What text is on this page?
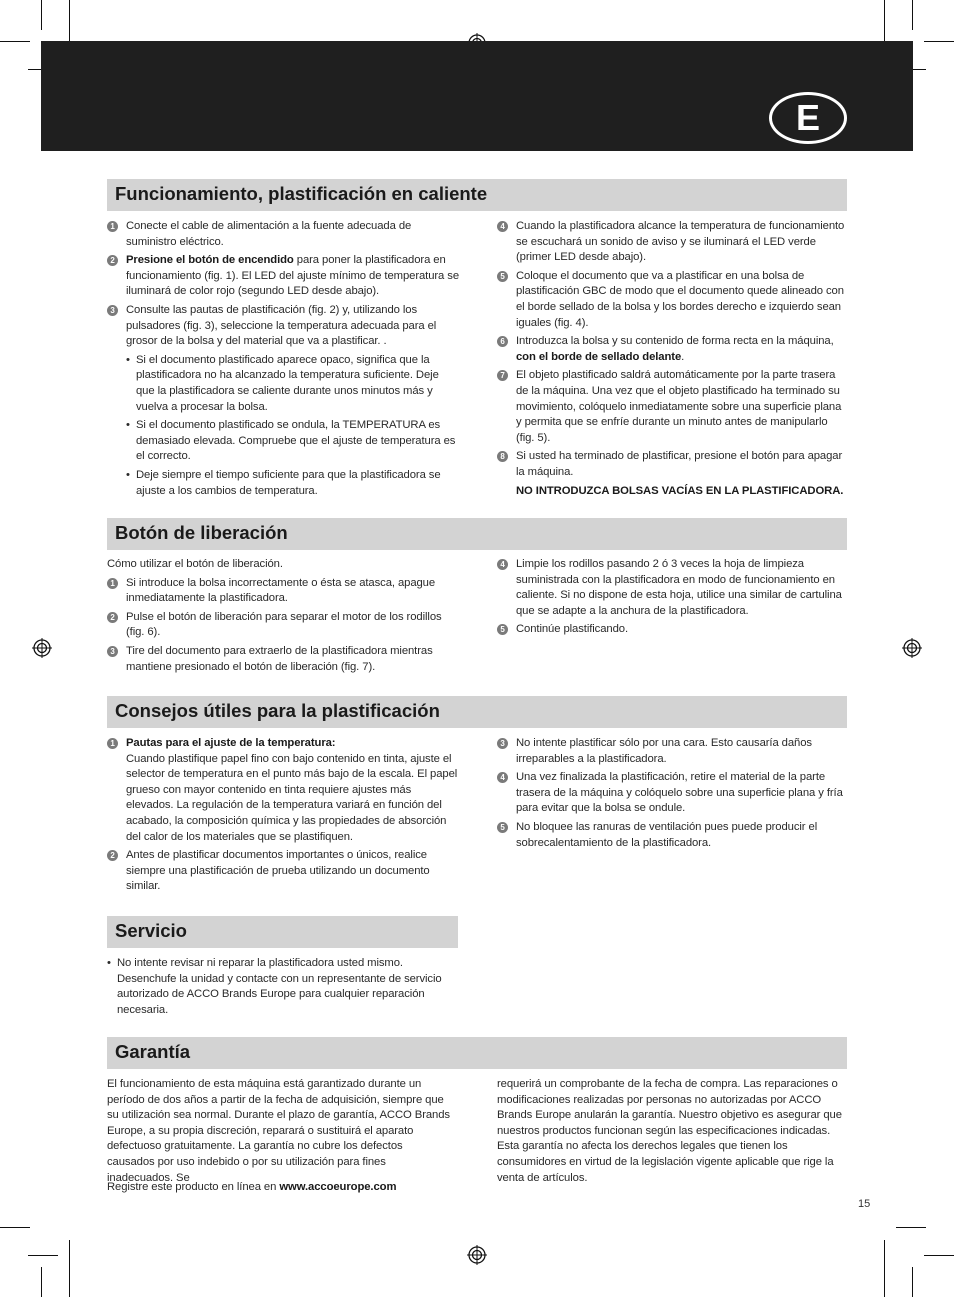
E
Funcionamiento, plastificación en caliente
1 Conecte el cable de alimentación a la fuente adecuada de suministro eléctrico.
2 Presione el botón de encendido para poner la plastificadora en funcionamiento (fig. 1). El LED del ajuste mínimo de temperatura se iluminará de color rojo (segundo LED desde abajo).
3 Consulte las pautas de plastificación (fig. 2) y, utilizando los pulsadores (fig. 3), seleccione la temperatura adecuada para el grosor de la bolsa y del material que va a plastificar. .
• Si el documento plastificado aparece opaco, significa que la plastificadora no ha alcanzado la temperatura suficiente. Deje que la plastificadora se caliente durante unos minutos más y vuelva a procesar la bolsa.
• Si el documento plastificado se ondula, la TEMPERATURA es demasiado elevada. Compruebe que el ajuste de temperatura es el correcto.
• Deje siempre el tiempo suficiente para que la plastificadora se ajuste a los cambios de temperatura.
4 Cuando la plastificadora alcance la temperatura de funcionamiento se escuchará un sonido de aviso y se iluminará el LED verde (primer LED desde abajo).
5 Coloque el documento que va a plastificar en una bolsa de plastificación GBC de modo que el documento quede alineado con el borde sellado de la bolsa y los bordes derecho e izquierdo sean iguales (fig. 4).
6 Introduzca la bolsa y su contenido de forma recta en la máquina, con el borde de sellado delante.
7 El objeto plastificado saldrá automáticamente por la parte trasera de la máquina. Una vez que el objeto plastificado ha terminado su movimiento, colóquelo inmediatamente sobre una superficie plana y permita que se enfríe durante un minuto antes de manipularlo (fig. 5).
8 Si usted ha terminado de plastificar, presione el botón para apagar la máquina.
NO INTRODUZCA BOLSAS VACÍAS EN LA PLASTIFICADORA.
Botón de liberación

Cómo utilizar el botón de liberación.

1 Si introduce la bolsa incorrectamente o ésta se atasca, apague inmediatamente la plastificadora.
2 Pulse el botón de liberación para separar el motor de los rodillos (fig. 6).
3 Tire del documento para extraerlo de la plastificadora mientras mantiene presionado el botón de liberación (fig. 7).
4 Limpie los rodillos pasando 2 ó 3 veces la hoja de limpieza suministrada con la plastificadora en modo de funcionamiento en caliente. Si no dispone de esta hoja, utilice una similar de cartulina que se adapte a la anchura de la plastificadora.
5 Continúe plastificando.
Consejos útiles para la plastificación
1 Pautas para el ajuste de la temperatura:
Cuando plastifique papel fino con bajo contenido en tinta, ajuste el selector de temperatura en el punto más bajo de la escala. El papel grueso con mayor contenido en tinta requiere ajustes más elevados. La regulación de la temperatura variará en función del acabado, la composición química y las propiedades de absorción del calor de los materiales que se plastifiquen.
2 Antes de plastificar documentos importantes o únicos, realice siempre una plastificación de prueba utilizando un documento similar.
3 No intente plastificar sólo por una cara. Esto causaría daños irreparables a la plastificadora.
4 Una vez finalizada la plastificación, retire el material de la parte trasera de la máquina y colóquelo sobre una superficie plana y fría para evitar que la bolsa se ondule.
5 No bloquee las ranuras de ventilación pues puede producir el sobrecalentamiento de la plastificadora.
Servicio
• No intente revisar ni reparar la plastificadora usted mismo. Desenchufe la unidad y contacte con un representante de servicio autorizado de ACCO Brands Europe para cualquier reparación necesaria.
Garantía

El funcionamiento de esta máquina está garantizado durante un período de dos años a partir de la fecha de adquisición, siempre que su utilización sea normal. Durante el plazo de garantía, ACCO Brands Europe, a su propia discreción, reparará o sustituirá el aparato defectuoso gratuitamente. La garantía no cubre los defectos causados por uso indebido o por su utilización para fines inadecuados. Se

requerirá un comprobante de la fecha de compra. Las reparaciones o modificaciones realizadas por personas no autorizadas por ACCO Brands Europe anularán la garantía. Nuestro objetivo es asegurar que nuestros productos funcionan según las especificaciones indicadas. Esta garantía no afecta los derechos legales que tienen los consumidores en virtud de la legislación vigente aplicable que rige la venta de artículos.

Registre este producto en línea en www.accoeurope.com
15
